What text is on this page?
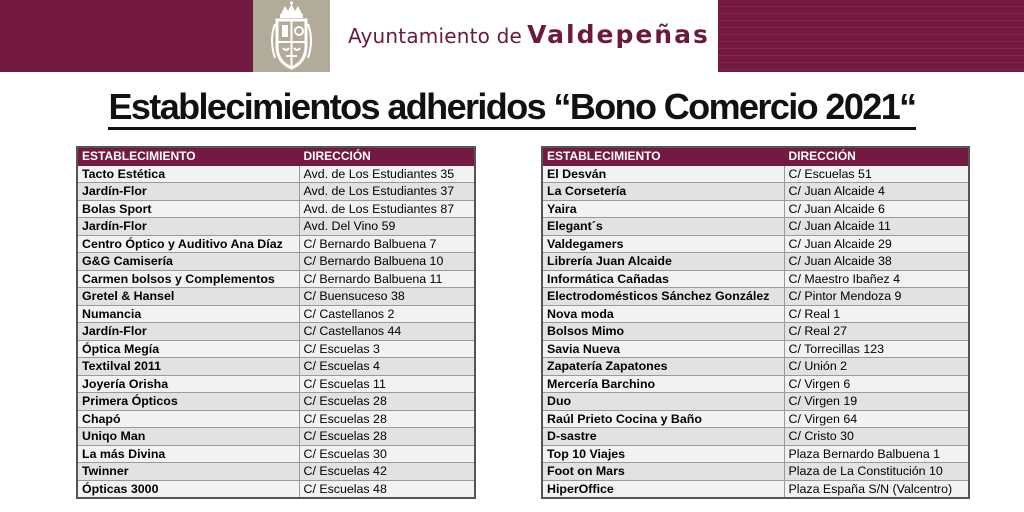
Ayuntamiento de Valdepeñas
Establecimientos adheridos “Bono Comercio 2021“
ESTABLECIMIENTO	DIRECCIÓN
Tacto Estética	Avd. de Los Estudiantes 35
Jardín-Flor	Avd. de Los Estudiantes 37
Bolas Sport	Avd. de Los Estudiantes 87
Jardín-Flor	Avd. Del Vino 59
Centro Óptico y Auditivo Ana Díaz	C/ Bernardo Balbuena 7
G&G Camisería	C/ Bernardo Balbuena 10
Carmen bolsos y Complementos	C/ Bernardo Balbuena 11
Gretel & Hansel	C/ Buensuceso 38
Numancia	C/ Castellanos 2
Jardín-Flor	C/ Castellanos 44
Óptica Megía	C/ Escuelas 3
Textilval 2011	C/ Escuelas 4
Joyería Orisha	C/ Escuelas 11
Primera Ópticos	C/ Escuelas 28
Chapó	C/ Escuelas 28
Uniqo Man	C/ Escuelas 28
La más Divina	C/ Escuelas 30
Twinner	C/ Escuelas 42
Ópticas 3000	C/ Escuelas 48
ESTABLECIMIENTO	DIRECCIÓN
El Desván	C/ Escuelas 51
La Corsetería	C/ Juan Alcaide 4
Yaira	C/ Juan Alcaide 6
Elegant´s	C/ Juan Alcaide 11
Valdegamers	C/ Juan Alcaide 29
Librería Juan Alcaide	C/ Juan Alcaide 38
Informática Cañadas	C/ Maestro Ibañez 4
Electrodomésticos Sánchez González	C/ Pintor Mendoza 9
Nova moda	C/ Real 1
Bolsos Mimo	C/ Real 27
Savia Nueva	C/ Torrecillas 123
Zapatería Zapatones	C/ Unión 2
Mercería Barchino	C/ Virgen 6
Duo	C/ Virgen 19
Raúl Prieto Cocina y Baño	C/ Virgen 64
D-sastre	C/ Cristo 30
Top 10 Viajes	Plaza Bernardo Balbuena 1
Foot on Mars	Plaza de La Constitución 10
HiperOffice	Plaza España S/N (Valcentro)
